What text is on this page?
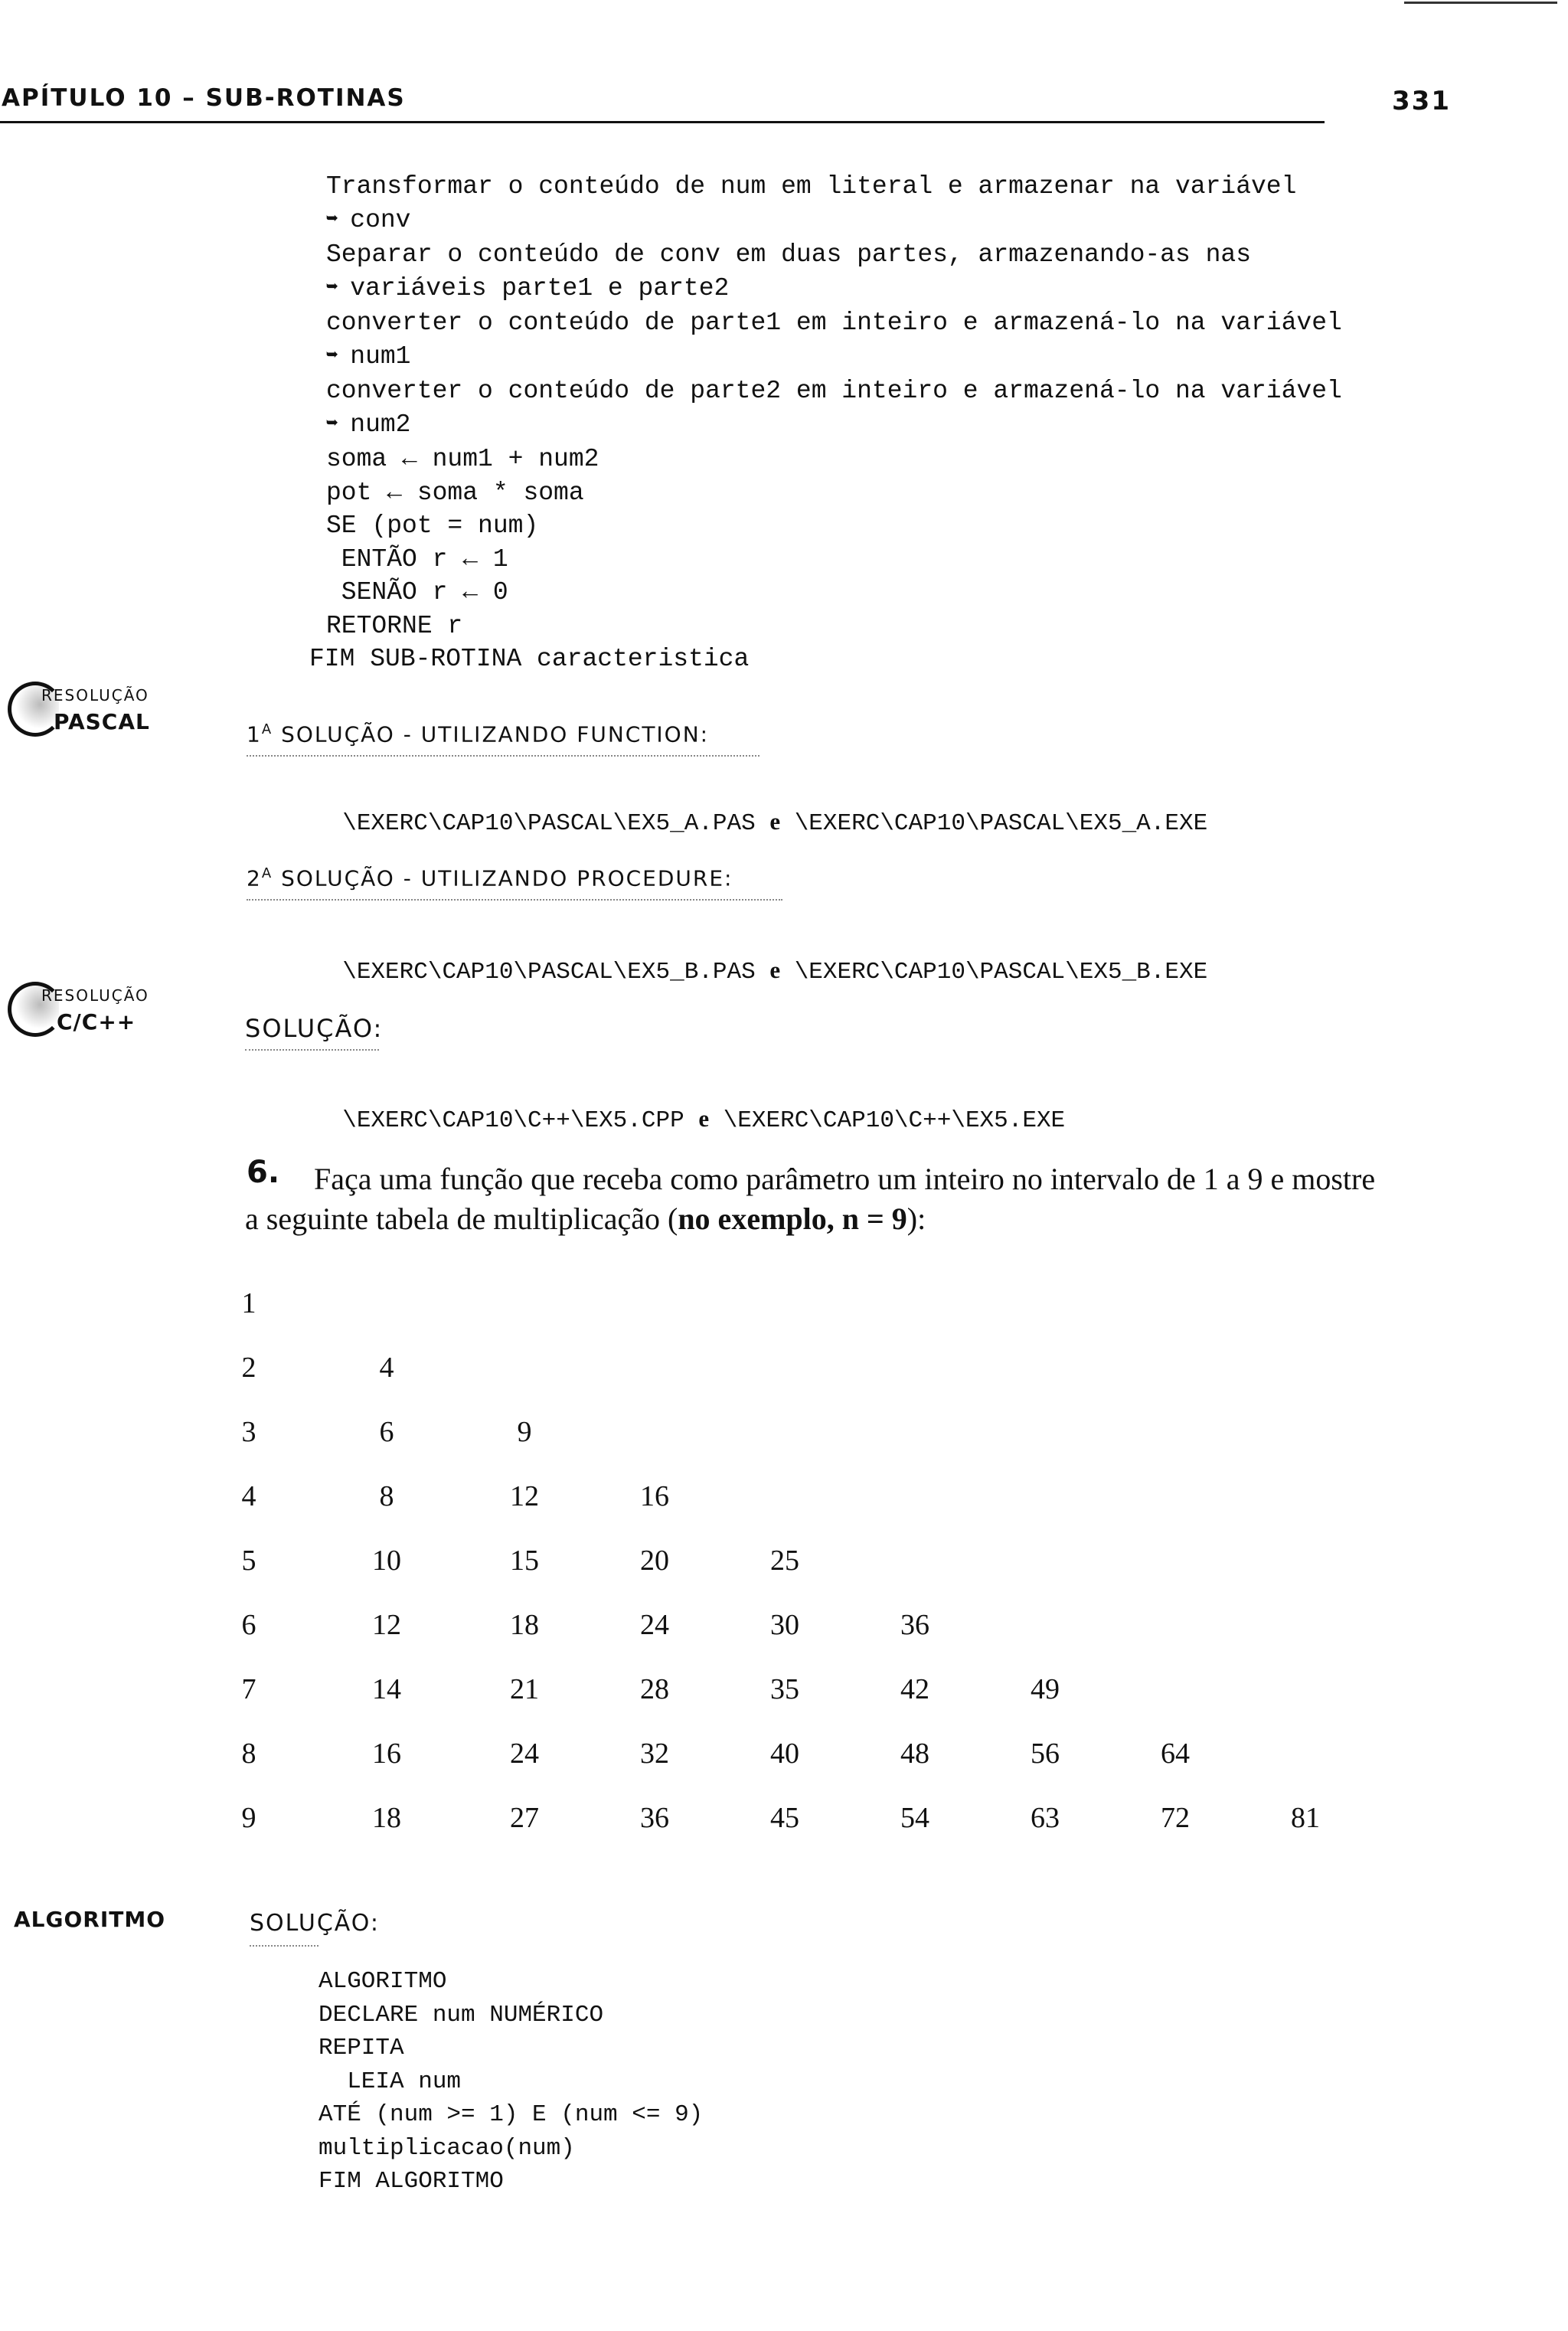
APÍTULO 10 – SUB-ROTINAS	331
Transformar o conteúdo de num em literal e armazenar na variável
➥ conv
Separar o conteúdo de conv em duas partes, armazenando-as nas
➥ variáveis parte1 e parte2
converter o conteúdo de parte1 em inteiro e armazená-lo na variável
➥ num1
converter o conteúdo de parte2 em inteiro e armazená-lo na variável
➥ num2
soma ← num1 + num2
pot ← soma * soma
SE (pot = num)
ENTÃO r ← 1
SENÃO r ← 0
RETORNE r
FIM SUB-ROTINA caracteristica
RESOLUÇÃO
PASCAL	$1^A$ SOLUÇÃO - UTILIZANDO FUNCTION:

\EXERC\CAP10\PASCAL\EX5_A.PAS e \EXERC\CAP10\PASCAL\EX5_A.EXE

$2^A$ SOLUÇÃO - UTILIZANDO PROCEDURE:

\EXERC\CAP10\PASCAL\EX5_B.PAS e \EXERC\CAP10\PASCAL\EX5_B.EXE

RESOLUÇÃO
C/C++	SOLUÇÃO:

\EXERC\CAP10\C++\EX5.CPP e \EXERC\CAP10\C++\EX5.EXE

6. Faça uma função que receba como parâmetro um inteiro no intervalo de 1 a 9 e mostre
a seguinte tabela de multiplicação (no exemplo, n = 9):
1
2	4
3	6	9
4	8	12	16
5	10	15	20	25
6	12	18	24	30	36
7	14	21	28	35	42	49
8	16	24	32	40	48	56	64
9	18	27	36	45	54	63	72	81
ALGORITMO	SOLUÇÃO:
ALGORITMO
DECLARE num NUMÉRICO
REPITA
LEIA num
ATÉ (num >= 1) E (num <= 9)
multiplicacao(num)
FIM ALGORITMO
